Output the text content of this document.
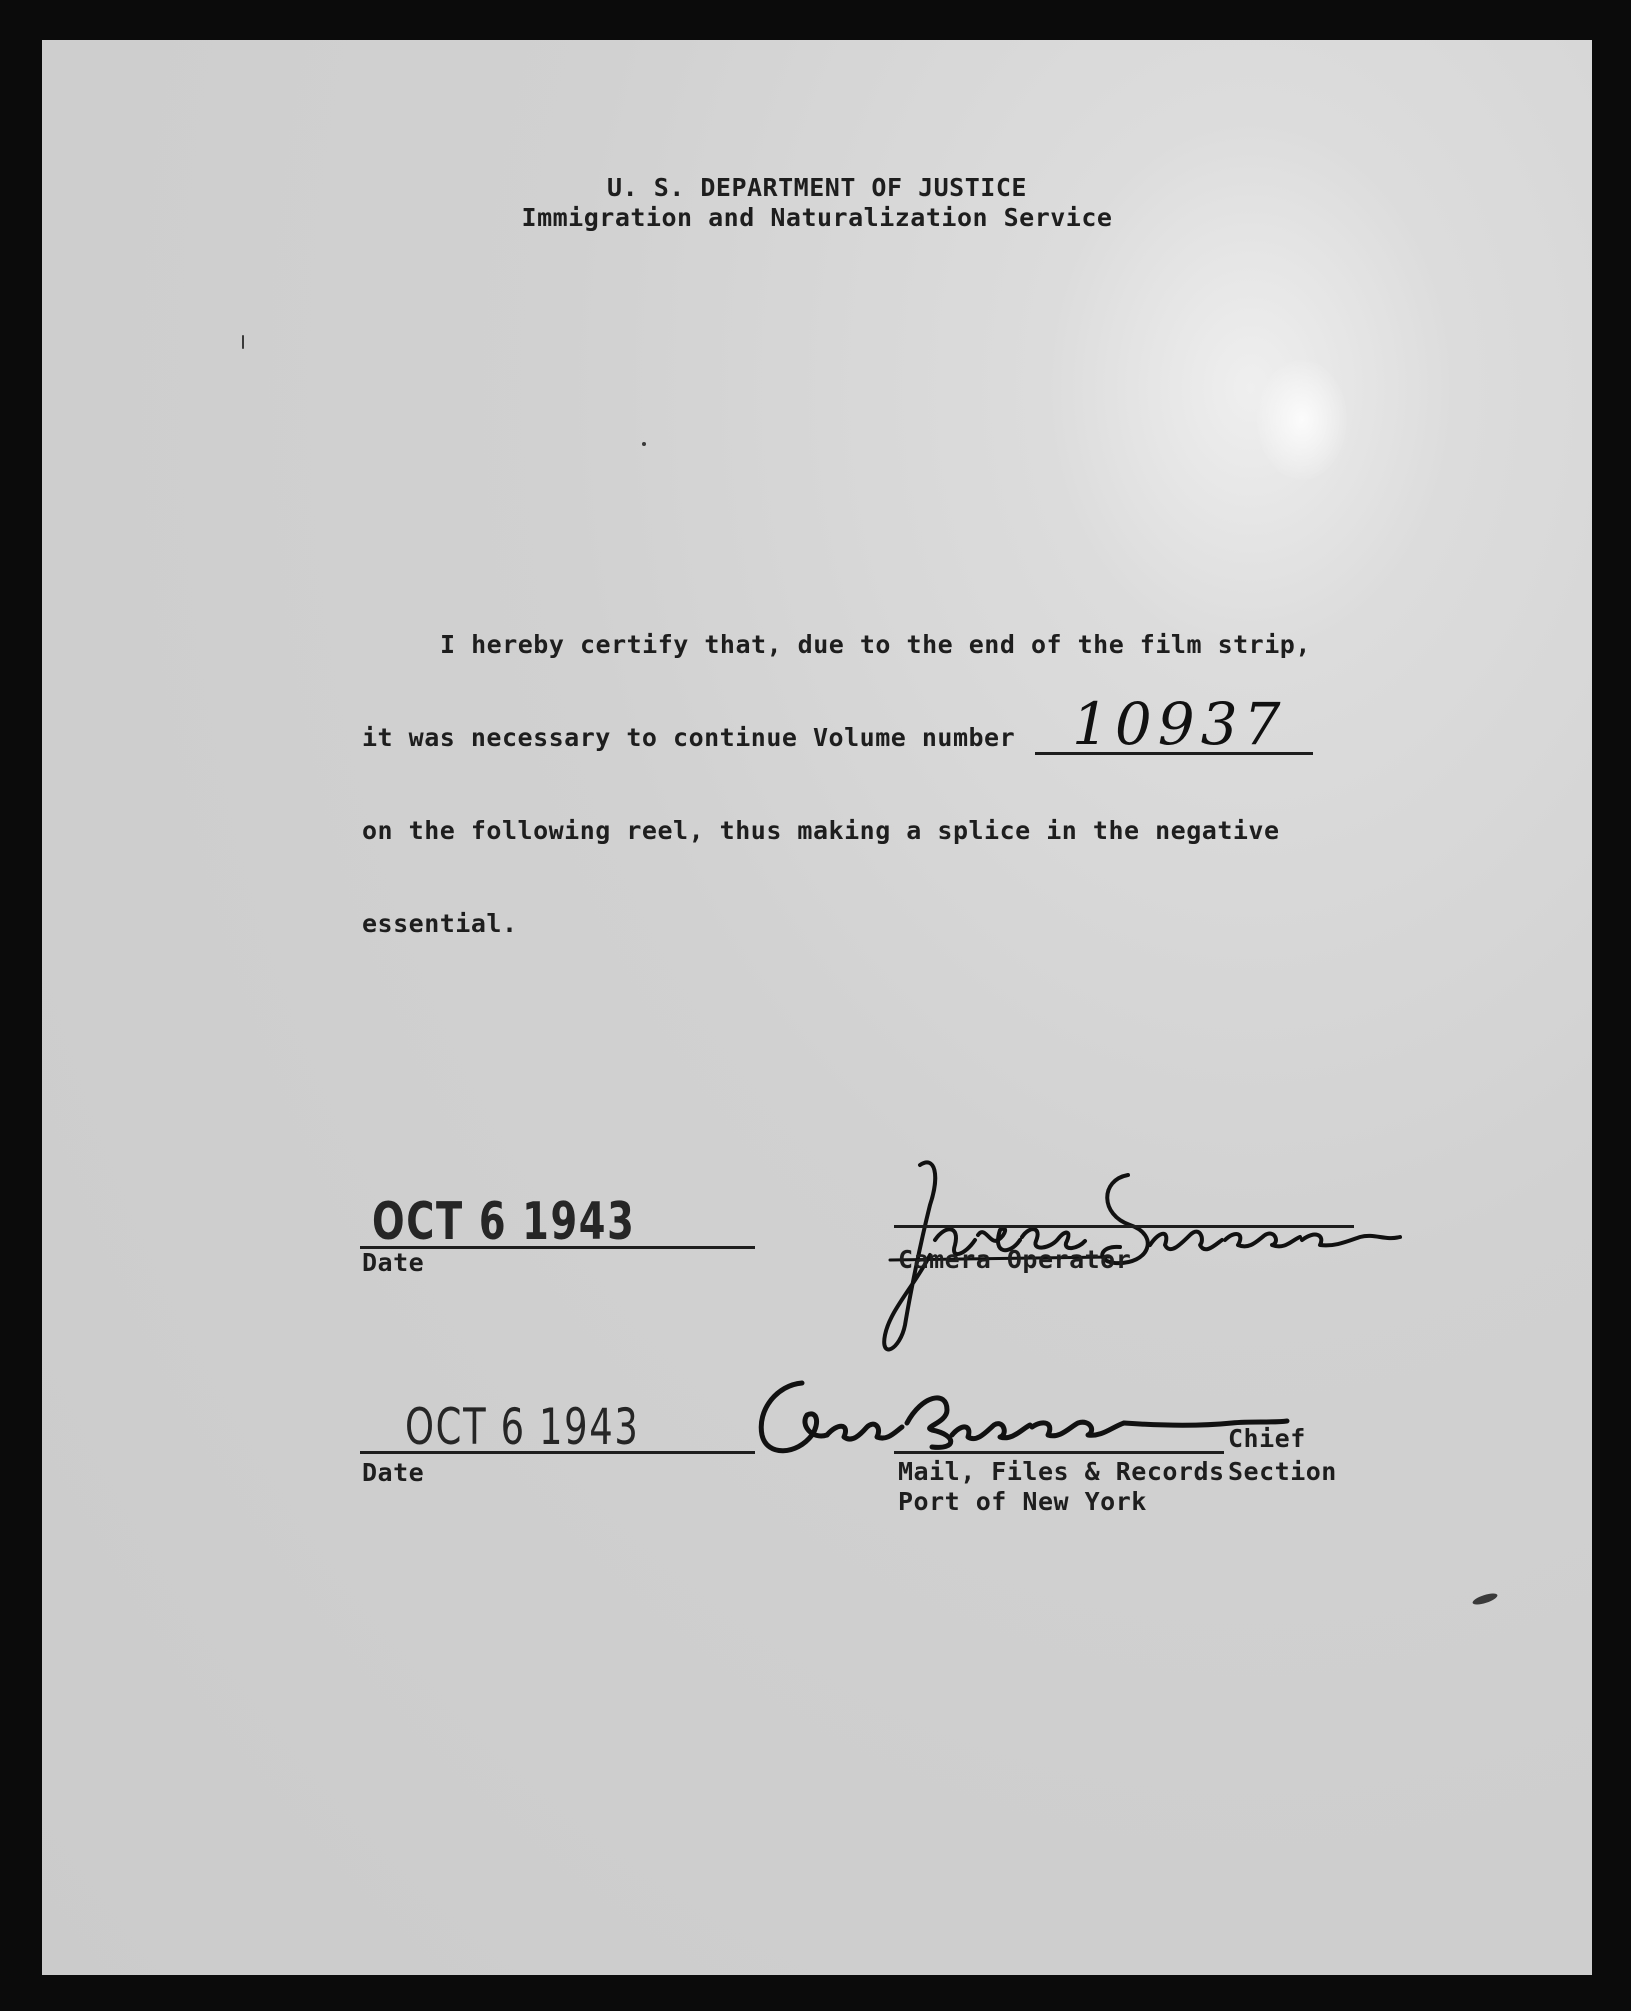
U. S. DEPARTMENT OF JUSTICE
Immigration and Naturalization Service
I hereby certify that, due to the end of the film strip,
it was necessary to continue Volume number 10937
on the following reel, thus making a splice in the negative
essential.
OCT 6 1943
Date	Camera Operator
OCT 6 1943
Date
Chief
Mail, Files & Records Section
Port of New York
